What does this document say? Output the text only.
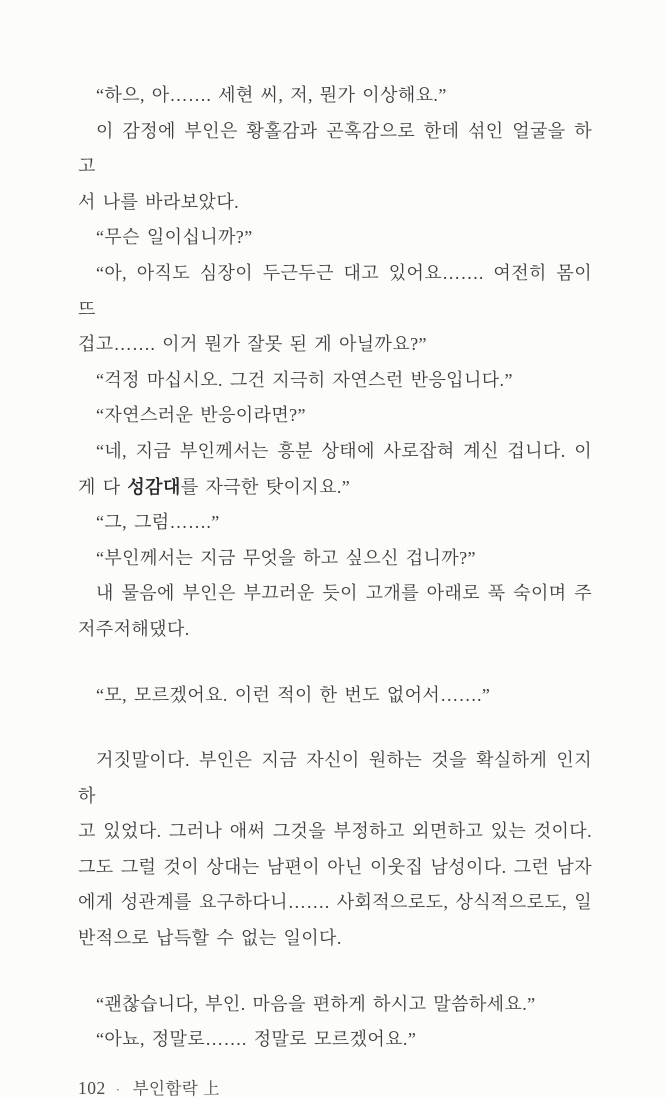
“하으, 아……. 세현 씨, 저, 뭔가 이상해요.”

이 감정에 부인은 황홀감과 곤혹감으로 한데 섞인 얼굴을 하고

서 나를 바라보았다.

“무슨 일이십니까?”

“아, 아직도 심장이 두근두근 대고 있어요……. 여전히 몸이 뜨

겁고……. 이거 뭔가 잘못 된 게 아닐까요?”

“걱정 마십시오. 그건 지극히 자연스런 반응입니다.”

“자연스러운 반응이라면?”

“네, 지금 부인께서는 흥분 상태에 사로잡혀 계신 겁니다. 이

게 다 성감대를 자극한 탓이지요.”

“그, 그럼…….”

“부인께서는 지금 무엇을 하고 싶으신 겁니까?”

내 물음에 부인은 부끄러운 듯이 고개를 아래로 푹 숙이며 주

저주저해댔다.

“모, 모르겠어요. 이런 적이 한 번도 없어서…….”

거짓말이다. 부인은 지금 자신이 원하는 것을 확실하게 인지하

고 있었다. 그러나 애써 그것을 부정하고 외면하고 있는 것이다.

그도 그럴 것이 상대는 남편이 아닌 이웃집 남성이다. 그런 남자

에게 성관계를 요구하다니……. 사회적으로도, 상식적으로도, 일

반적으로 납득할 수 없는 일이다.

“괜찮습니다, 부인. 마음을 편하게 하시고 말씀하세요.”

“아뇨, 정말로……. 정말로 모르겠어요.”

102 · 부인함락 上
